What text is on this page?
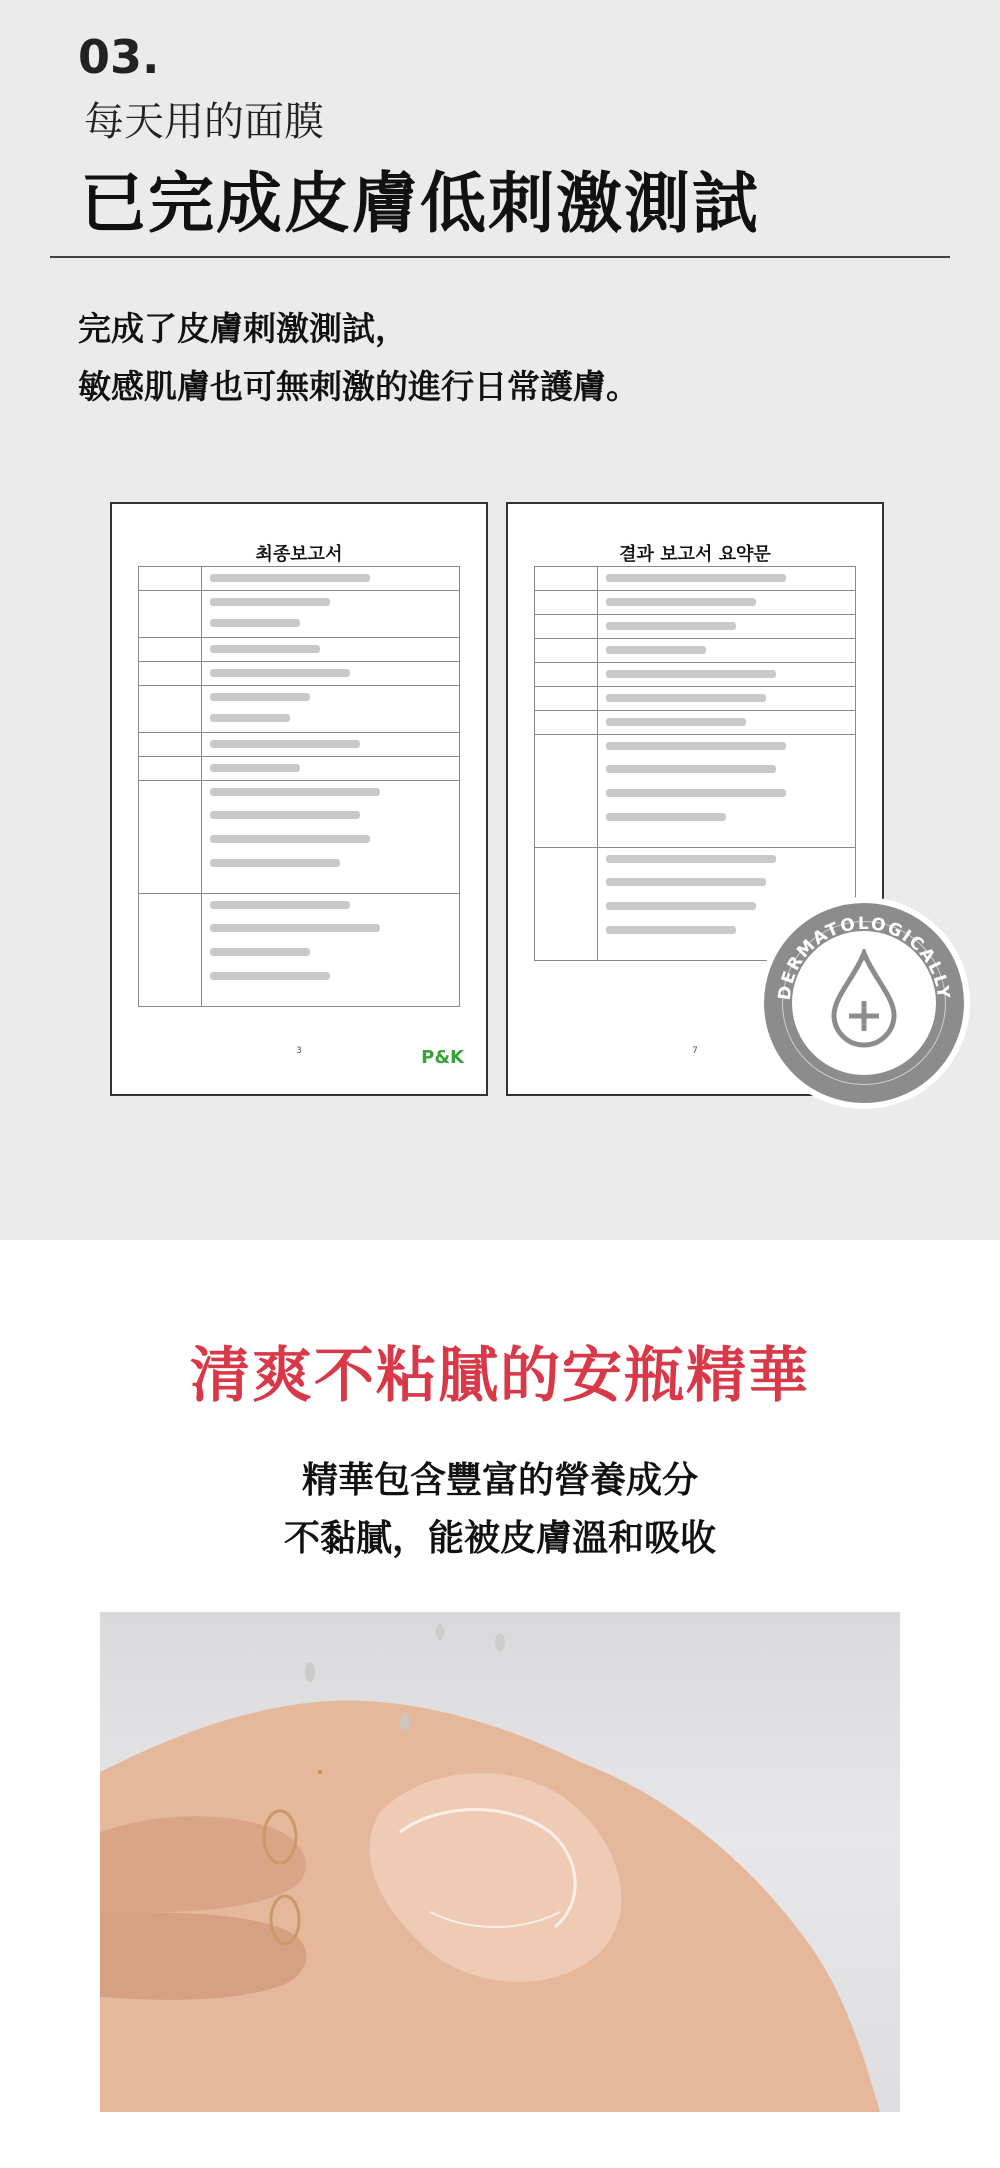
03.
每天用的面膜
已完成皮膚低刺激測試
完成了皮膚刺激測試，
敏感肌膚也可無刺激的進行日常護膚。
최종보고서
3	P&K
결과 보고서 요약문
7
DERMATOLOGICALLY
TESTED
清爽不粘膩的安瓶精華
精華包含豐富的營養成分
不黏膩，能被皮膚溫和吸收
